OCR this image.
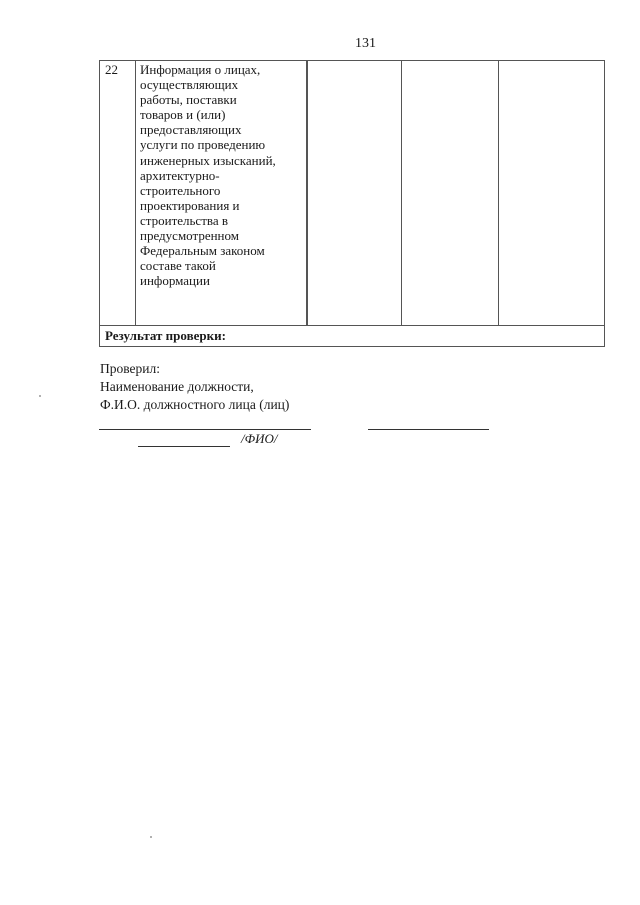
131
22	Информация о лицах,
осуществляющих
работы, поставки
товаров и (или)
предоставляющих
услуги по проведению
инженерных изысканий,
архитектурно-
строительного
проектирования и
строительства в
предусмотренном
Федеральным законом
составе такой
информации
Результат проверки:
Проверил:
Наименование должности,
Ф.И.О. должностного лица (лиц)
/ФИО/
